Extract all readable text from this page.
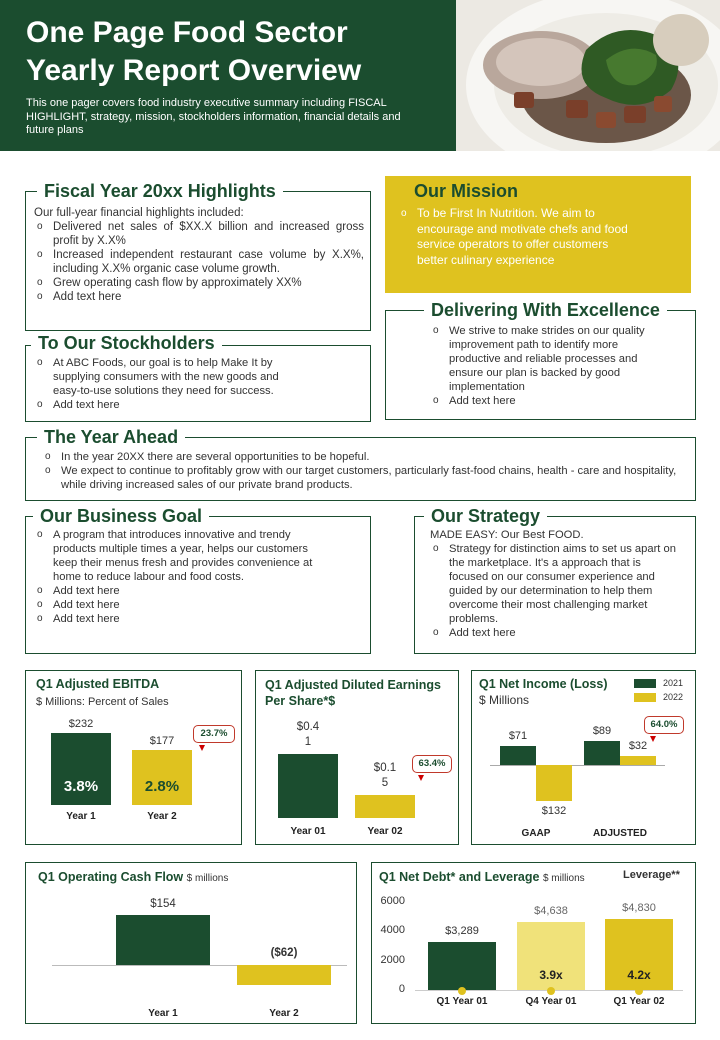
One Page Food Sector Yearly Report Overview

This one pager covers food industry executive summary including FISCAL HIGHLIGHT, strategy, mission, stockholders information, financial details and future plans

Fiscal Year 20xx Highlights
Our full-year financial highlights included:
o Delivered net sales of $XX.X billion and increased gross profit by X.X%
o Increased independent restaurant case volume by X.X%, including X.X% organic case volume growth.
o Grew operating cash flow by approximately XX%
o Add text here
Our Mission
o To be First In Nutrition. We aim to encourage and motivate chefs and food service operators to offer customers better culinary experience
To Our Stockholders
o At ABC Foods, our goal is to help Make It by supplying consumers with the new goods and easy-to-use solutions they need for success.
o Add text here
Delivering With Excellence
o We strive to make strides on our quality improvement path to identify more productive and reliable processes and ensure our plan is backed by good implementation
o Add text here
The Year Ahead
o In the year 20XX there are several opportunities to be hopeful.
o We expect to continue to profitably grow with our target customers, particularly fast-food chains, health - care and hospitality, while driving increased sales of our private brand products.
Our Business Goal
o A program that introduces innovative and trendy products multiple times a year, helps our customers keep their menus fresh and provides convenience at home to reduce labour and food costs.
o Add text here
o Add text here
o Add text here
Our Strategy
MADE EASY: Our Best FOOD.
o Strategy for distinction aims to set us apart on the marketplace. It's a approach that is focused on our consumer experience and guided by our determination to help them overcome their most challenging market problems.
o Add text here
Q1 Adjusted EBITDA
$ Millions: Percent of Sales
$232
3.8%
Year 1
$177
2.8%
Year 2
23.7%
Q1 Adjusted Diluted Earnings Per Share*$
$0.4
1
Year 01
$0.1
5
Year 02
63.4%
Q1 Net Income (Loss)
$ Millions
2021
2022
$71	$89
$132
$32
GAAP	ADJUSTED
64.0%
Q1 Operating Cash Flow $ millions
$154
Year 1
($62)
Year 2
Q1 Net Debt* and Leverage $ millions	Leverage**
6000
4000
2000
0
$3,289
Q1 Year 01
$4,638
3.9x
Q4 Year 01
$4,830
4.2x
Q1 Year 02
